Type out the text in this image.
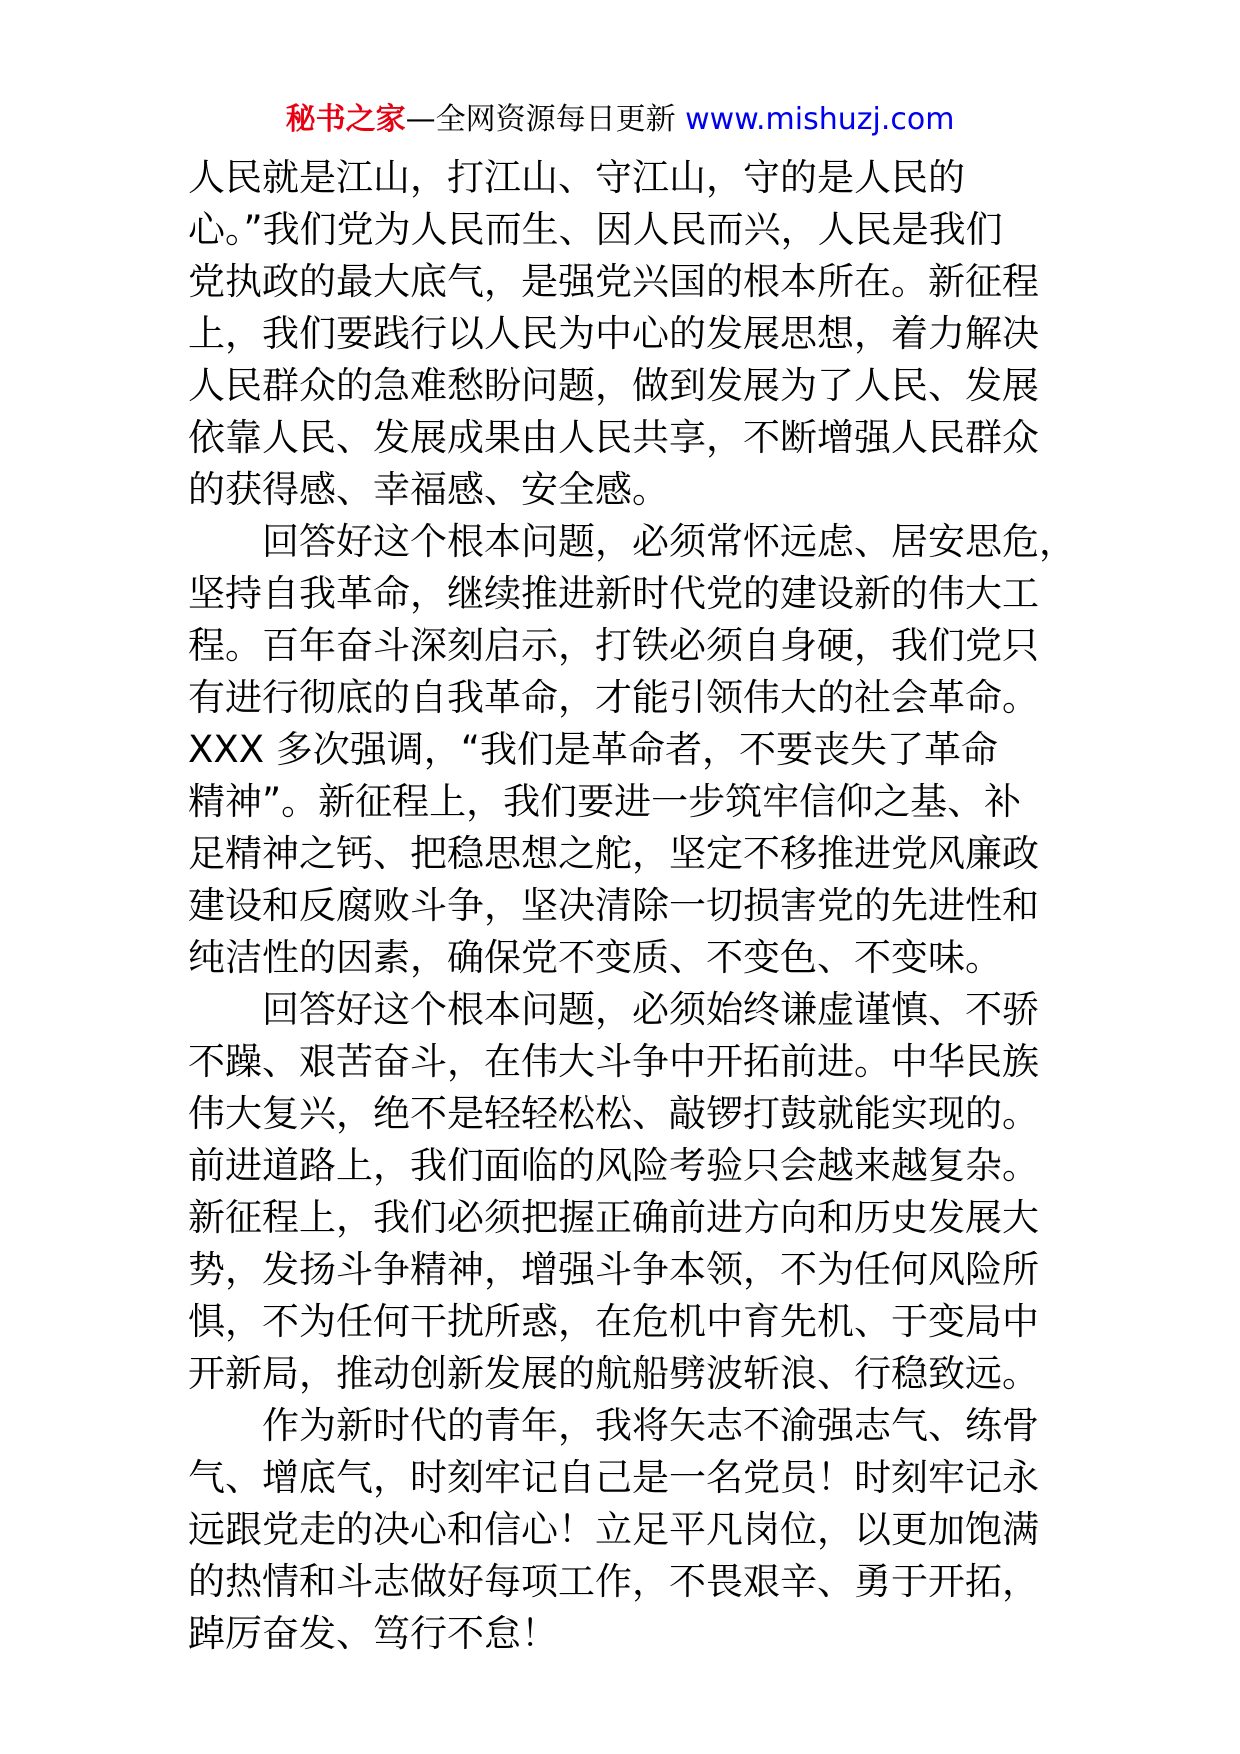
秘书之家—全网资源每日更新 www.mishuzj.com
人民就是江山，打江山、守江山，守的是人民的
心。”我们党为人民而生、因人民而兴，人民是我们
党执政的最大底气，是强党兴国的根本所在。新征程
上，我们要践行以人民为中心的发展思想，着力解决
人民群众的急难愁盼问题，做到发展为了人民、发展
依靠人民、发展成果由人民共享，不断增强人民群众
的获得感、幸福感、安全感。
回答好这个根本问题，必须常怀远虑、居安思危，
坚持自我革命，继续推进新时代党的建设新的伟大工
程。百年奋斗深刻启示，打铁必须自身硬，我们党只
有进行彻底的自我革命，才能引领伟大的社会革命。
XXX 多次强调，“我们是革命者，不要丧失了革命
精神”。新征程上，我们要进一步筑牢信仰之基、补
足精神之钙、把稳思想之舵，坚定不移推进党风廉政
建设和反腐败斗争，坚决清除一切损害党的先进性和
纯洁性的因素，确保党不变质、不变色、不变味。
回答好这个根本问题，必须始终谦虚谨慎、不骄
不躁、艰苦奋斗，在伟大斗争中开拓前进。中华民族
伟大复兴，绝不是轻轻松松、敲锣打鼓就能实现的。
前进道路上，我们面临的风险考验只会越来越复杂。
新征程上，我们必须把握正确前进方向和历史发展大
势，发扬斗争精神，增强斗争本领，不为任何风险所
惧，不为任何干扰所惑，在危机中育先机、于变局中
开新局，推动创新发展的航船劈波斩浪、行稳致远。
作为新时代的青年，我将矢志不渝强志气、练骨
气、增底气，时刻牢记自己是一名党员！时刻牢记永
远跟党走的决心和信心！立足平凡岗位，以更加饱满
的热情和斗志做好每项工作，不畏艰辛、勇于开拓，
踔厉奋发、笃行不怠！
